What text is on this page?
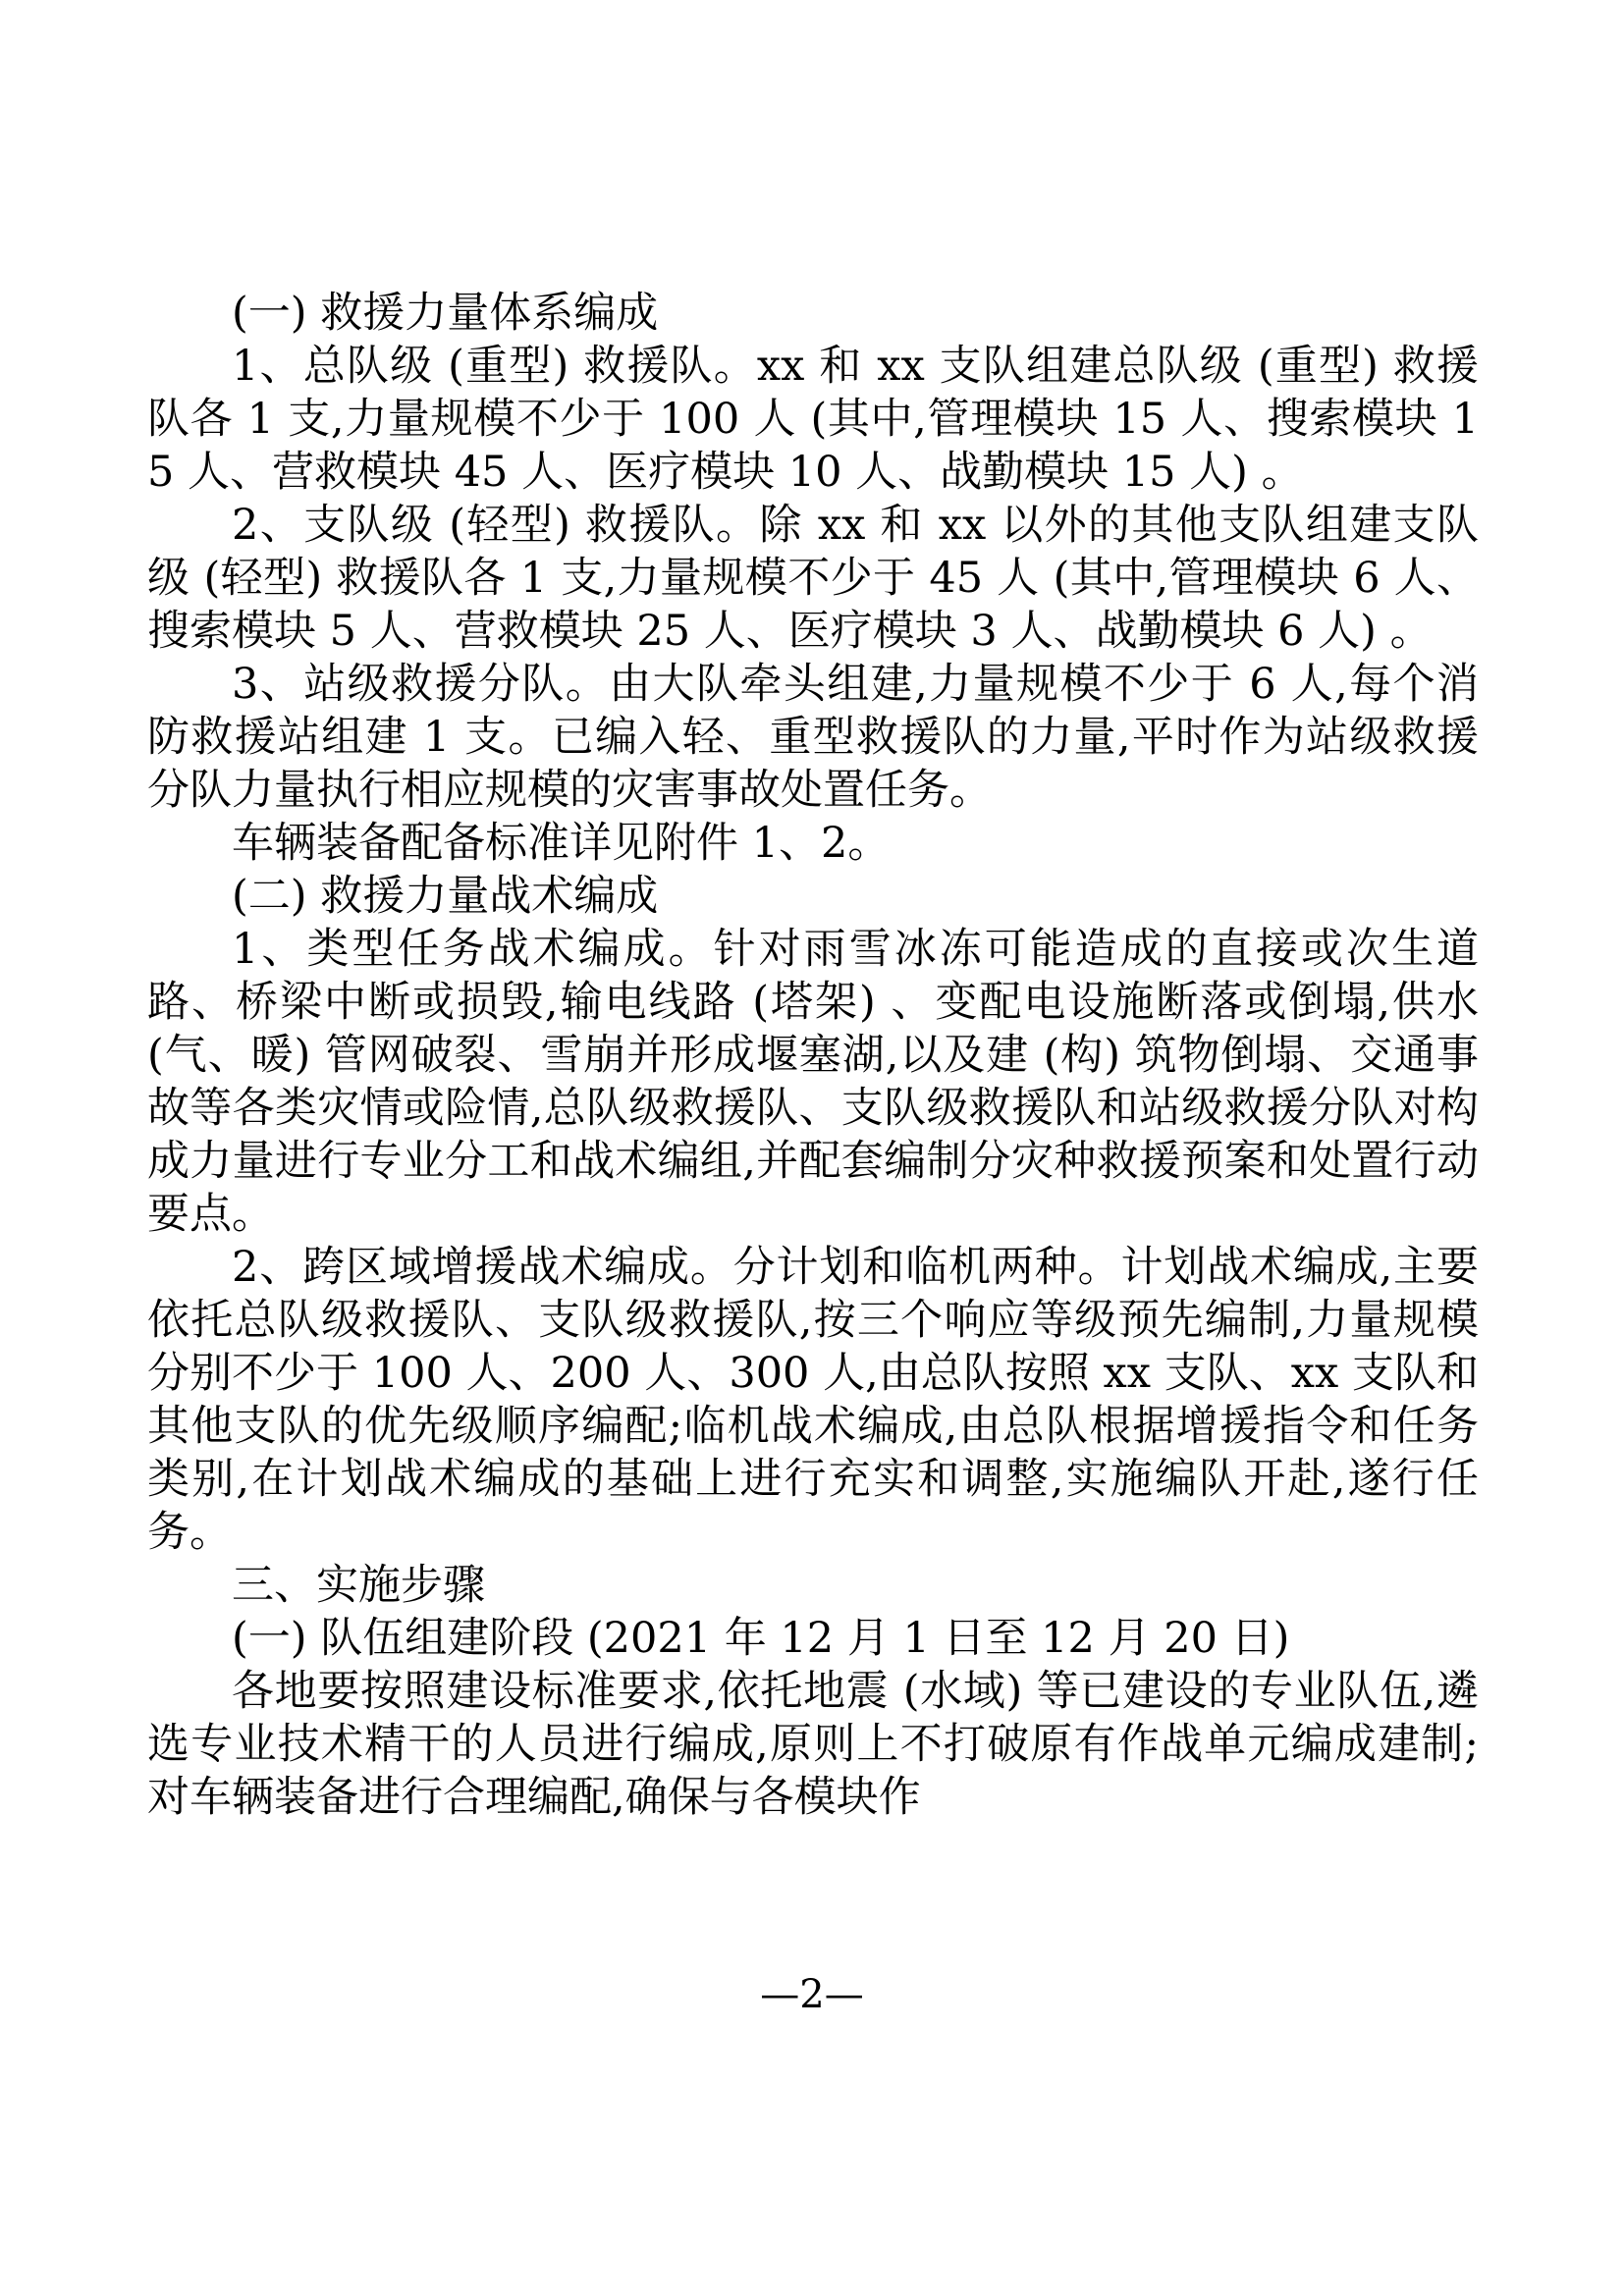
(一) 救援力量体系编成

1、总队级 (重型) 救援队。xx 和 xx 支队组建总队级 (重型) 救援队各 1 支,力量规模不少于 100 人 (其中,管理模块 15 人、搜索模块 15 人、营救模块 45 人、医疗模块 10 人、战勤模块 15 人) 。

2、支队级 (轻型) 救援队。除 xx 和 xx 以外的其他支队组建支队级 (轻型) 救援队各 1 支,力量规模不少于 45 人 (其中,管理模块 6 人、搜索模块 5 人、营救模块 25 人、医疗模块 3 人、战勤模块 6 人) 。

3、站级救援分队。由大队牵头组建,力量规模不少于 6 人,每个消防救援站组建 1 支。已编入轻、重型救援队的力量,平时作为站级救援分队力量执行相应规模的灾害事故处置任务。

车辆装备配备标准详见附件 1、2。

(二) 救援力量战术编成

1、类型任务战术编成。针对雨雪冰冻可能造成的直接或次生道路、桥梁中断或损毁,输电线路 (塔架) 、变配电设施断落或倒塌,供水 (气、暖) 管网破裂、雪崩并形成堰塞湖,以及建 (构) 筑物倒塌、交通事故等各类灾情或险情,总队级救援队、支队级救援队和站级救援分队对构成力量进行专业分工和战术编组,并配套编制分灾种救援预案和处置行动要点。

2、跨区域增援战术编成。分计划和临机两种。计划战术编成,主要依托总队级救援队、支队级救援队,按三个响应等级预先编制,力量规模分别不少于 100 人、200 人、300 人,由总队按照 xx 支队、xx 支队和其他支队的优先级顺序编配;临机战术编成,由总队根据增援指令和任务类别,在计划战术编成的基础上进行充实和调整,实施编队开赴,遂行任务。

三、实施步骤

(一) 队伍组建阶段 (2021 年 12 月 1 日至 12 月 20 日)

各地要按照建设标准要求,依托地震 (水域) 等已建设的专业队伍,遴选专业技术精干的人员进行编成,原则上不打破原有作战单元编成建制;对车辆装备进行合理编配,确保与各模块作

—2—
